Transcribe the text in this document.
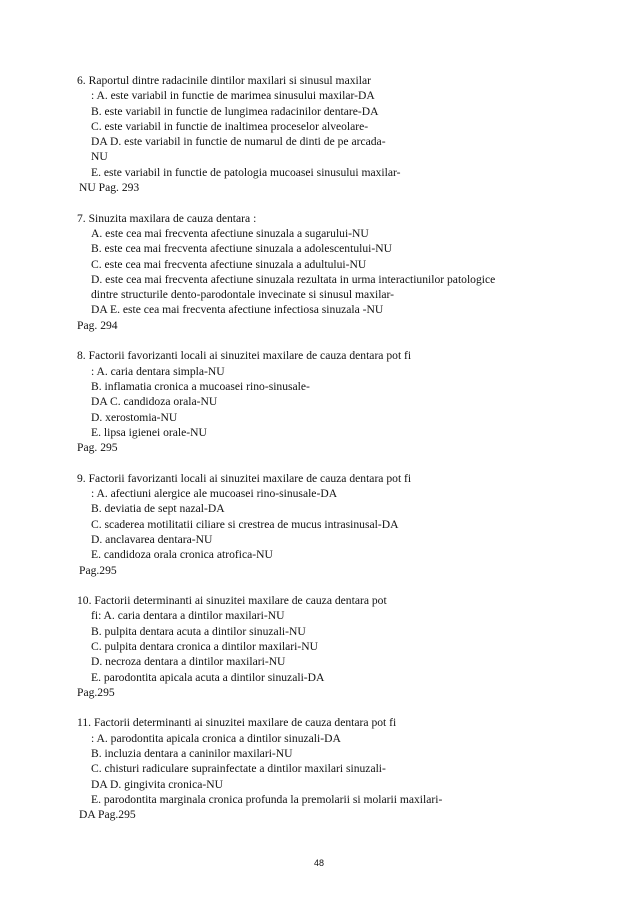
6. Raportul dintre radacinile dintilor maxilari si sinusul maxilar
: A. este variabil in functie de marimea sinusului maxilar-DA
B. este variabil in functie de lungimea radacinilor dentare-DA
C. este variabil in functie de inaltimea proceselor alveolare-
DA D. este variabil in functie de numarul de dinti de pe arcada-
NU
E. este variabil in functie de patologia mucoasei sinusului maxilar-
NU Pag. 293
7. Sinuzita maxilara de cauza dentara :
A. este cea mai frecventa afectiune sinuzala a sugarului-NU
B. este cea mai frecventa afectiune sinuzala a adolescentului-NU
C. este cea mai frecventa afectiune sinuzala a adultului-NU
D. este cea mai frecventa afectiune sinuzala rezultata in urma interactiunilor patologice
dintre structurile dento-parodontale invecinate si sinusul maxilar-
DA E. este cea mai frecventa afectiune infectiosa sinuzala -NU
Pag. 294
8. Factorii favorizanti locali ai sinuzitei maxilare de cauza dentara pot fi
: A. caria dentara simpla-NU
B. inflamatia cronica a mucoasei rino-sinusale-
DA C. candidoza orala-NU
D. xerostomia-NU
E. lipsa igienei orale-NU
Pag. 295
9. Factorii favorizanti locali ai sinuzitei maxilare de cauza dentara pot fi
: A. afectiuni alergice ale mucoasei rino-sinusale-DA
B. deviatia de sept nazal-DA
C. scaderea motilitatii ciliare si crestrea de mucus intrasinusal-DA
D. anclavarea dentara-NU
E. candidoza orala cronica atrofica-NU
Pag.295
10. Factorii determinanti ai sinuzitei maxilare de cauza dentara pot
fi: A. caria dentara a dintilor maxilari-NU
B. pulpita dentara acuta a dintilor sinuzali-NU
C. pulpita dentara cronica a dintilor maxilari-NU
D. necroza dentara a dintilor maxilari-NU
E. parodontita apicala acuta a dintilor sinuzali-DA
Pag.295
11. Factorii determinanti ai sinuzitei maxilare de cauza dentara pot fi
: A. parodontita apicala cronica a dintilor sinuzali-DA
B. incluzia dentara a caninilor maxilari-NU
C. chisturi radiculare suprainfectate a dintilor maxilari sinuzali-
DA D. gingivita cronica-NU
E. parodontita marginala cronica profunda la premolarii si molarii maxilari-
DA Pag.295
48
